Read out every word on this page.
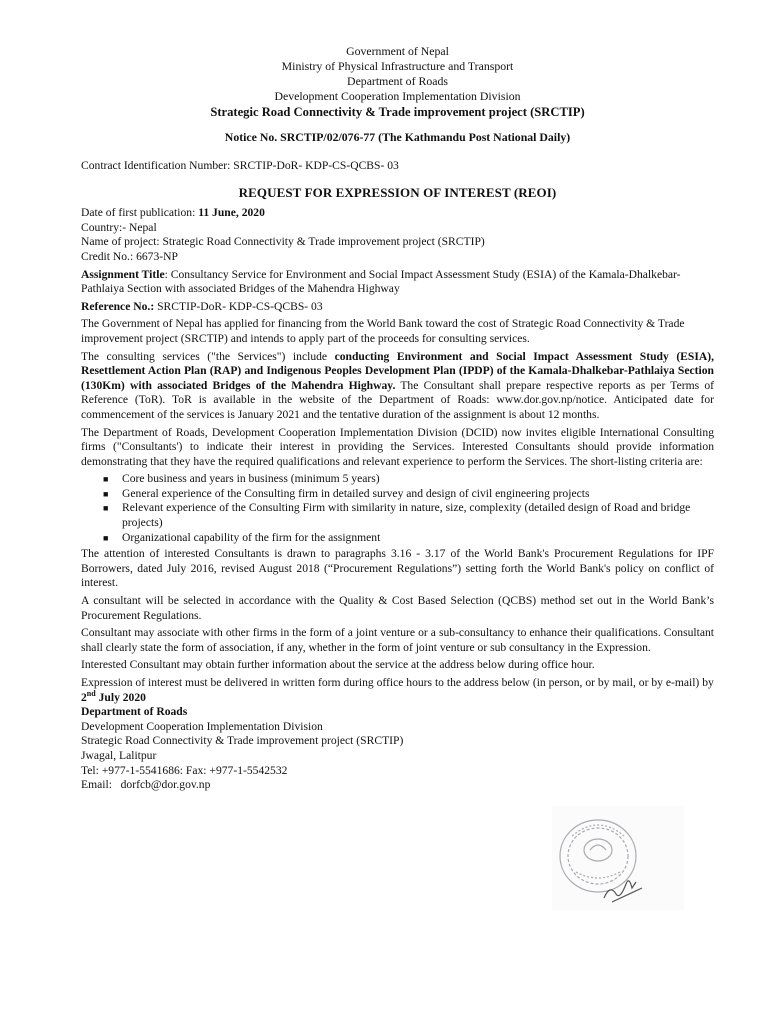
Government of Nepal
Ministry of Physical Infrastructure and Transport
Department of Roads
Development Cooperation Implementation Division
Strategic Road Connectivity & Trade improvement project (SRCTIP)
Notice No. SRCTIP/02/076-77 (The Kathmandu Post National Daily)
Contract Identification Number: SRCTIP-DoR- KDP-CS-QCBS- 03
REQUEST FOR EXPRESSION OF INTEREST (REOI)
Date of first publication: 11 June, 2020
Country:- Nepal
Name of project: Strategic Road Connectivity & Trade improvement project (SRCTIP)
Credit No.: 6673-NP
Assignment Title: Consultancy Service for Environment and Social Impact Assessment Study (ESIA) of the Kamala-Dhalkebar-Pathlaiya Section with associated Bridges of the Mahendra Highway
Reference No.: SRCTIP-DoR- KDP-CS-QCBS- 03
The Government of Nepal has applied for financing from the World Bank toward the cost of Strategic Road Connectivity & Trade improvement project (SRCTIP) and intends to apply part of the proceeds for consulting services.
The consulting services ("the Services") include conducting Environment and Social Impact Assessment Study (ESIA), Resettlement Action Plan (RAP) and Indigenous Peoples Development Plan (IPDP) of the Kamala-Dhalkebar-Pathlaiya Section (130Km) with associated Bridges of the Mahendra Highway. The Consultant shall prepare respective reports as per Terms of Reference (ToR). ToR is available in the website of the Department of Roads: www.dor.gov.np/notice. Anticipated date for commencement of the services is January 2021 and the tentative duration of the assignment is about 12 months.
The Department of Roads, Development Cooperation Implementation Division (DCID) now invites eligible International Consulting firms ("Consultants') to indicate their interest in providing the Services. Interested Consultants should provide information demonstrating that they have the required qualifications and relevant experience to perform the Services. The short-listing criteria are:
■ Core business and years in business (minimum 5 years)
■ General experience of the Consulting firm in detailed survey and design of civil engineering projects
■ Relevant experience of the Consulting Firm with similarity in nature, size, complexity (detailed design of Road and bridge projects)
■ Organizational capability of the firm for the assignment
The attention of interested Consultants is drawn to paragraphs 3.16 - 3.17 of the World Bank's Procurement Regulations for IPF Borrowers, dated July 2016, revised August 2018 (“Procurement Regulations”) setting forth the World Bank's policy on conflict of interest.
A consultant will be selected in accordance with the Quality & Cost Based Selection (QCBS) method set out in the World Bank’s Procurement Regulations.
Consultant may associate with other firms in the form of a joint venture or a sub-consultancy to enhance their qualifications. Consultant shall clearly state the form of association, if any, whether in the form of joint venture or sub consultancy in the Expression.
Interested Consultant may obtain further information about the service at the address below during office hour.
Expression of interest must be delivered in written form during office hours to the address below (in person, or by mail, or by e-mail) by 2nd July 2020
Department of Roads
Development Cooperation Implementation Division
Strategic Road Connectivity & Trade improvement project (SRCTIP)
Jwagal, Lalitpur
Tel: +977-1-5541686: Fax: +977-1-5542532
Email: dorfcb@dor.gov.np
